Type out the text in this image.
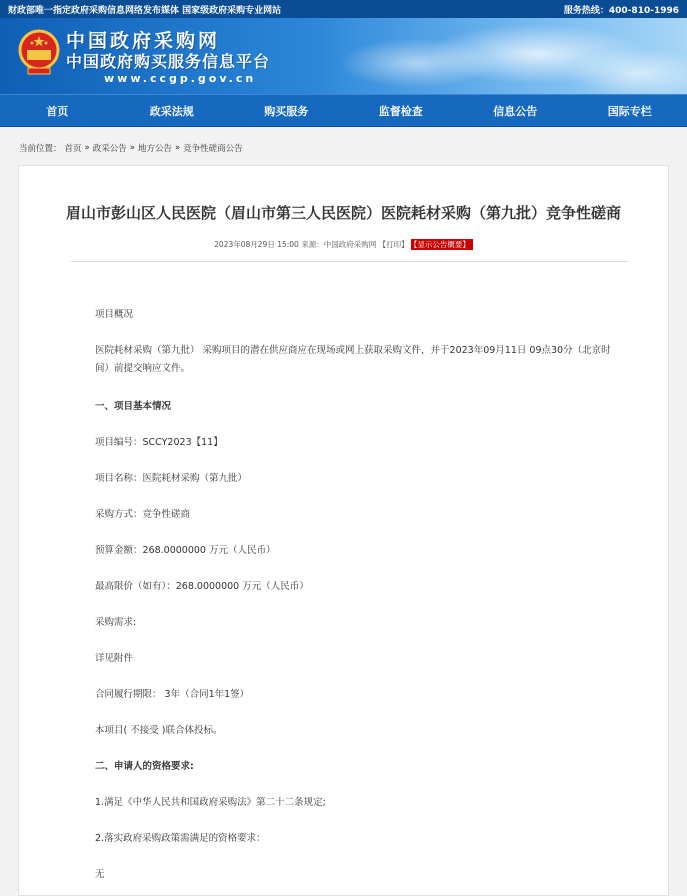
财政部唯一指定政府采购信息网络发布媒体 国家级政府采购专业网站	服务热线：400-810-1996
中国政府采购网
中国政府购买服务信息平台
www.ccgp.gov.cn
首页	政采法规	购买服务	监督检查	信息公告	国际专栏
当前位置： 首页 » 政采公告 » 地方公告 » 竞争性磋商公告
眉山市彭山区人民医院（眉山市第三人民医院）医院耗材采购（第九批）竞争性磋商
2023年08月29日 15:00 来源：中国政府采购网 【打印】 【显示公告概要】
项目概况
医院耗材采购（第九批） 采购项目的潜在供应商应在现场或网上获取采购文件，并于2023年09月11日 09点30分（北京时间）前提交响应文件。
一、项目基本情况
项目编号：SCCY2023【11】
项目名称：医院耗材采购（第九批）
采购方式：竞争性磋商
预算金额：268.0000000 万元（人民币）
最高限价（如有）：268.0000000 万元（人民币）
采购需求:
详见附件
合同履行期限： 3年（合同1年1签）
本项目( 不接受 )联合体投标。
二、申请人的资格要求:
1.满足《中华人民共和国政府采购法》第二十二条规定;
2.落实政府采购政策需满足的资格要求：
无
